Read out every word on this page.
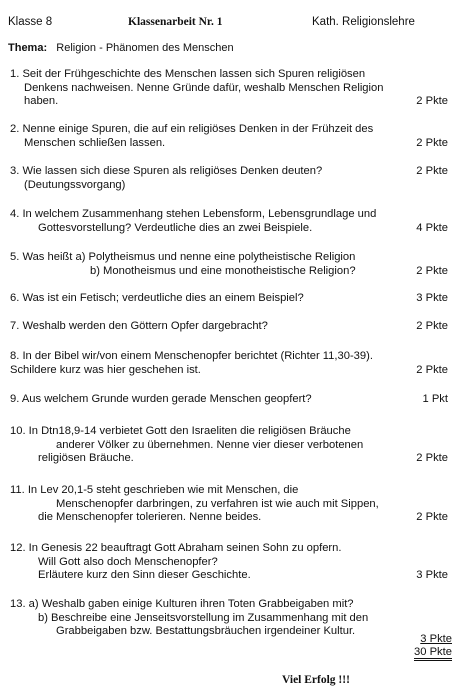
Klasse 8	Klassenarbeit Nr. 1	Kath. Religionslehre
Thema: Religion - Phänomen des Menschen
1. Seit der Frühgeschichte des Menschen lassen sich Spuren religiösen
Denkens nachweisen. Nenne Gründe dafür, weshalb Menschen Religion
haben.	2 Pkte
2. Nenne einige Spuren, die auf ein religiöses Denken in der Frühzeit des
Menschen schließen lassen.	2 Pkte
3. Wie lassen sich diese Spuren als religiöses Denken deuten?	2 Pkte
(Deutungssvorgang)
4. In welchem Zusammenhang stehen Lebensform, Lebensgrundlage und
Gottesvorstellung? Verdeutliche dies an zwei Beispiele.	4 Pkte
5. Was heißt a) Polytheismus und nenne eine polytheistische Religion
b) Monotheismus und eine monotheistische Religion?	2 Pkte
6. Was ist ein Fetisch; verdeutliche dies an einem Beispiel?	3 Pkte
7. Weshalb werden den Göttern Opfer dargebracht?	2 Pkte
8. In der Bibel wir/von einem Menschenopfer berichtet (Richter 11,30-39).
Schildere kurz was hier geschehen ist.	2 Pkte
9. Aus welchem Grunde wurden gerade Menschen geopfert?	1 Pkt
10. In Dtn18,9-14 verbietet Gott den Israeliten die religiösen Bräuche
anderer Völker zu übernehmen. Nenne vier dieser verbotenen
religiösen Bräuche.	2 Pkte
11. In Lev 20,1-5 steht geschrieben wie mit Menschen, die
Menschenopfer darbringen, zu verfahren ist wie auch mit Sippen,
die Menschenopfer tolerieren. Nenne beides.	2 Pkte
12. In Genesis 22 beauftragt Gott Abraham seinen Sohn zu opfern.
Will Gott also doch Menschenopfer?
Erläutere kurz den Sinn dieser Geschichte.	3 Pkte
13. a) Weshalb gaben einige Kulturen ihren Toten Grabbeigaben mit?
b) Beschreibe eine Jenseitsvorstellung im Zusammenhang mit den
Grabbeigaben bzw. Bestattungsbräuchen irgendeiner Kultur.
3 Pkte
30 Pkte
Viel Erfolg !!!
